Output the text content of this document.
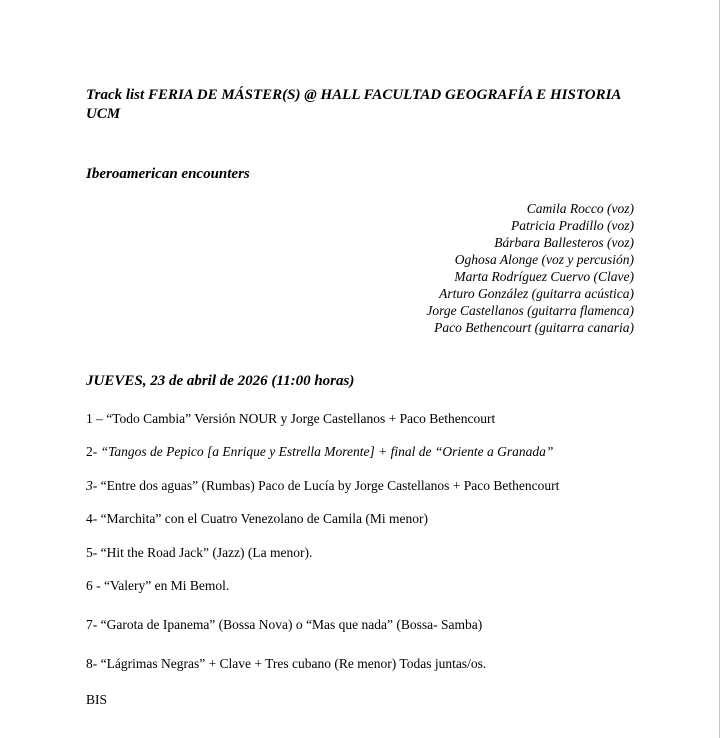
Track list FERIA DE MÁSTER(S) @ HALL FACULTAD GEOGRAFÍA E HISTORIA UCM
Iberoamerican encounters
Camila Rocco (voz)
Patricia Pradillo (voz)
Bárbara Ballesteros (voz)
Oghosa Alonge (voz y percusión)
Marta Rodríguez Cuervo (Clave)
Arturo González (guitarra acústica)
Jorge Castellanos (guitarra flamenca)
Paco Bethencourt (guitarra canaria)
JUEVES, 23 de abril de 2026 (11:00 horas)
1 – “Todo Cambia” Versión NOUR y Jorge Castellanos + Paco Bethencourt
2- “Tangos de Pepico [a Enrique y Estrella Morente] + final de “Oriente a Granada”
3- “Entre dos aguas” (Rumbas) Paco de Lucía by Jorge Castellanos + Paco Bethencourt
4- “Marchita” con el Cuatro Venezolano de Camila (Mi menor)
5- “Hit the Road Jack” (Jazz) (La menor).
6 - “Valery” en Mi Bemol.
7- “Garota de Ipanema” (Bossa Nova) o “Mas que nada” (Bossa- Samba)
8- “Lágrimas Negras” + Clave + Tres cubano (Re menor) Todas juntas/os.
BIS
